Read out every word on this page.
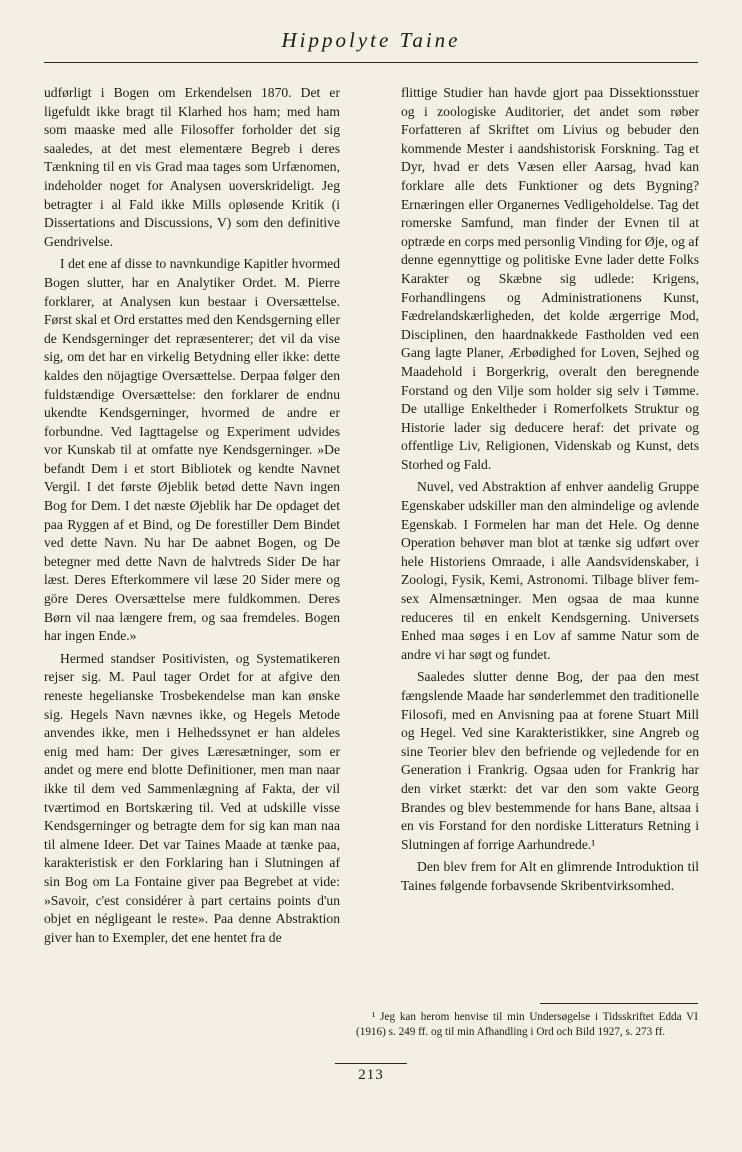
Hippolyte Taine

udførligt i Bogen om Erkendelsen 1870. Det er ligefuldt ikke bragt til Klarhed hos ham; med ham som maaske med alle Filosoffer forholder det sig saaledes, at det mest elementære Begreb i deres Tænkning til en vis Grad maa tages som Urfænomen, indeholder noget for Analysen uoverskrideligt. Jeg betragter i al Fald ikke Mills opløsende Kritik (i Dissertations and Discussions, V) som den definitive Gendrivelse.

I det ene af disse to navnkundige Kapitler hvormed Bogen slutter, har en Analytiker Ordet. M. Pierre forklarer, at Analysen kun bestaar i Oversættelse. Først skal et Ord erstattes med den Kendsgerning eller de Kendsgerninger det repræsenterer; det vil da vise sig, om det har en virkelig Betydning eller ikke: dette kaldes den nöjagtige Oversættelse. Derpaa følger den fuldstændige Oversættelse: den forklarer de endnu ukendte Kendsgerninger, hvormed de andre er forbundne. Ved Iagttagelse og Experiment udvides vor Kunskab til at omfatte nye Kendsgerninger. »De befandt Dem i et stort Bibliotek og kendte Navnet Vergil. I det første Øjeblik betød dette Navn ingen Bog for Dem. I det næste Øjeblik har De opdaget det paa Ryggen af et Bind, og De forestiller Dem Bindet ved dette Navn. Nu har De aabnet Bogen, og De betegner med dette Navn de halvtreds Sider De har læst. Deres Efterkommere vil læse 20 Sider mere og göre Deres Oversættelse mere fuldkommen. Deres Børn vil naa længere frem, og saa fremdeles. Bogen har ingen Ende.»

Hermed standser Positivisten, og Systematikeren rejser sig. M. Paul tager Ordet for at afgive den reneste hegelianske Trosbekendelse man kan ønske sig. Hegels Navn nævnes ikke, og Hegels Metode anvendes ikke, men i Helhedssynet er han aldeles enig med ham: Der gives Læresætninger, som er andet og mere end blotte Definitioner, men man naar ikke til dem ved Sammenlægning af Fakta, der vil tværtimod en Bortskæring til. Ved at udskille visse Kendsgerninger og betragte dem for sig kan man naa til almene Ideer. Det var Taines Maade at tænke paa, karakteristisk er den Forklaring han i Slutningen af sin Bog om La Fontaine giver paa Begrebet at vide: »Savoir, c'est considérer à part certains points d'un objet en négligeant le reste». Paa denne Abstraktion giver han to Exempler, det ene hentet fra de

flittige Studier han havde gjort paa Dissektionsstuer og i zoologiske Auditorier, det andet som røber Forfatteren af Skriftet om Livius og bebuder den kommende Mester i aandshistorisk Forskning. Tag et Dyr, hvad er dets Væsen eller Aarsag, hvad kan forklare alle dets Funktioner og dets Bygning? Ernæringen eller Organernes Vedligeholdelse. Tag det romerske Samfund, man finder der Evnen til at optræde en corps med personlig Vinding for Øje, og af denne egennyttige og politiske Evne lader dette Folks Karakter og Skæbne sig udlede: Krigens, Forhandlingens og Administrationens Kunst, Fædrelandskærligheden, det kolde ærgerrige Mod, Disciplinen, den haardnakkede Fastholden ved een Gang lagte Planer, Ærbødighed for Loven, Sejhed og Maadehold i Borgerkrig, overalt den beregnende Forstand og den Vilje som holder sig selv i Tømme. De utallige Enkeltheder i Romerfolkets Struktur og Historie lader sig deducere heraf: det private og offentlige Liv, Religionen, Videnskab og Kunst, dets Storhed og Fald.

Nuvel, ved Abstraktion af enhver aandelig Gruppe Egenskaber udskiller man den almindelige og avlende Egenskab. I Formelen har man det Hele. Og denne Operation behøver man blot at tænke sig udført over hele Historiens Omraade, i alle Aandsvidenskaber, i Zoologi, Fysik, Kemi, Astronomi. Tilbage bliver fem-sex Almensætninger. Men ogsaa de maa kunne reduceres til en enkelt Kendsgerning. Universets Enhed maa søges i en Lov af samme Natur som de andre vi har søgt og fundet.

Saaledes slutter denne Bog, der paa den mest fængslende Maade har sønderlemmet den traditionelle Filosofi, med en Anvisning paa at forene Stuart Mill og Hegel. Ved sine Karakteristikker, sine Angreb og sine Teorier blev den befriende og vejledende for en Generation i Frankrig. Ogsaa uden for Frankrig har den virket stærkt: det var den som vakte Georg Brandes og blev bestemmende for hans Bane, altsaa i en vis Forstand for den nordiske Litteraturs Retning i Slutningen af forrige Aarhundrede.¹

Den blev frem for Alt en glimrende Introduktion til Taines følgende forbavsende Skribentvirksomhed.

¹ Jeg kan herom henvise til min Undersøgelse i Tidsskriftet Edda VI (1916) s. 249 ff. og til min Afhandling i Ord och Bild 1927, s. 273 ff.

213
